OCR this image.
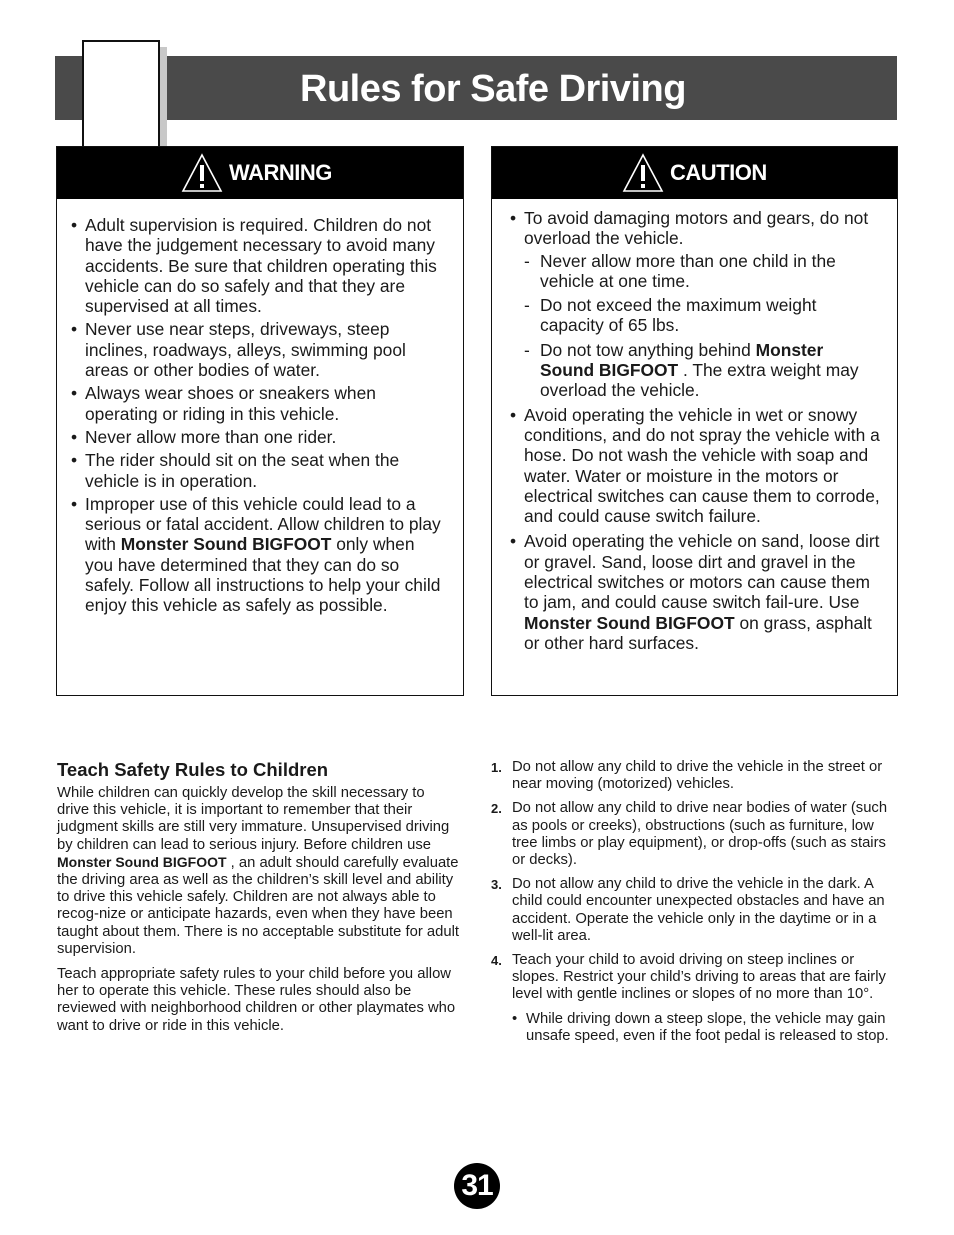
Rules for Safe Driving
WARNING
• Adult supervision is required. Children do not have the judgement necessary to avoid many accidents. Be sure that children operating this vehicle can do so safely and that they are supervised at all times.
• Never use near steps, driveways, steep inclines, roadways, alleys, swimming pool areas or other bodies of water.
• Always wear shoes or sneakers when operating or riding in this vehicle.
• Never allow more than one rider.
• The rider should sit on the seat when the vehicle is in operation.
• Improper use of this vehicle could lead to a serious or fatal accident. Allow children to play with Monster Sound BIGFOOT only when you have determined that they can do so safely. Follow all instructions to help your child enjoy this vehicle as safely as possible.
CAUTION
• To avoid damaging motors and gears, do not overload the vehicle.
- Never allow more than one child in the vehicle at one time.
- Do not exceed the maximum weight capacity of 65 lbs.
- Do not tow anything behind Monster Sound BIGFOOT . The extra weight may overload the vehicle.
• Avoid operating the vehicle in wet or snowy conditions, and do not spray the vehicle with a hose. Do not wash the vehicle with soap and water. Water or moisture in the motors or electrical switches can cause them to corrode, and could cause switch failure.
• Avoid operating the vehicle on sand, loose dirt or gravel. Sand, loose dirt and gravel in the electrical switches or motors can cause them to jam, and could cause switch fail-ure. Use Monster Sound BIGFOOT on grass, asphalt or other hard surfaces.
Teach Safety Rules to Children

While children can quickly develop the skill necessary to drive this vehicle, it is important to remember that their judgment skills are still very immature. Unsupervised driving by children can lead to serious injury. Before children use Monster Sound BIGFOOT , an adult should carefully evaluate the driving area as well as the children’s skill level and ability to drive this vehicle safely. Children are not always able to recog-nize or anticipate hazards, even when they have been taught about them. There is no acceptable substitute for adult supervision.

Teach appropriate safety rules to your child before you allow her to operate this vehicle. These rules should also be reviewed with neighborhood children or other playmates who want to drive or ride in this vehicle.

1. Do not allow any child to drive the vehicle in the street or near moving (motorized) vehicles.
2. Do not allow any child to drive near bodies of water (such as pools or creeks), obstructions (such as furniture, low tree limbs or play equipment), or drop-offs (such as stairs or decks).
3. Do not allow any child to drive the vehicle in the dark. A child could encounter unexpected obstacles and have an accident. Operate the vehicle only in the daytime or in a well-lit area.
4. Teach your child to avoid driving on steep inclines or slopes. Restrict your child’s driving to areas that are fairly level with gentle inclines or slopes of no more than 10°.
• While driving down a steep slope, the vehicle may gain unsafe speed, even if the foot pedal is released to stop.
31
